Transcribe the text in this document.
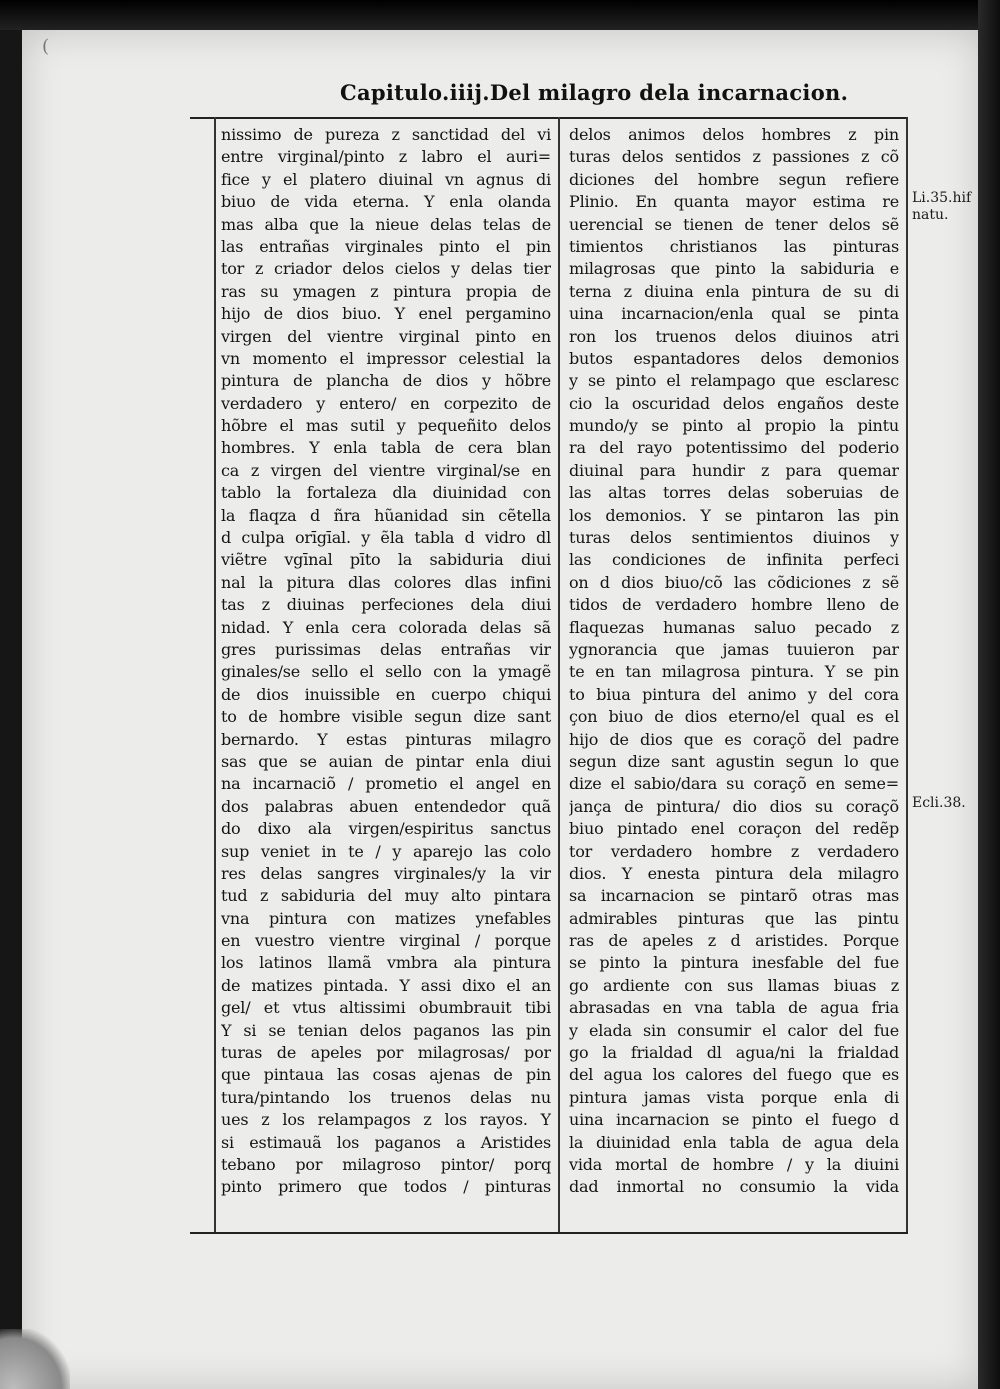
(
Capitulo.iiij.Del milagro dela incarnacion.
nissimo de pureza z sanctidad del vi
entre virginal/pinto z labro el auri=
fice y el platero diuinal vn agnus di
biuo de vida eterna. Y enla olanda
mas alba que la nieue delas telas de
las entrañas virginales pinto el pin
tor z criador delos cielos y delas tier
ras su ymagen z pintura propia de
hijo de dios biuo. Y enel pergamino
virgen del vientre virginal pinto en
vn momento el impressor celestial la
pintura de plancha de dios y hõbre
verdadero y entero/ en corpezito de
hõbre el mas sutil y pequeñito delos
hombres. Y enla tabla de cera blan
ca z virgen del vientre virginal/se en
tablo la fortaleza dla diuinidad con
la flaqza d ñra hũanidad sin cẽtella
d culpa orīgīal. y ẽla tabla d vidro dl
viẽtre vgīnal pīto la sabiduria diui
nal la pitura dlas colores dlas infini
tas z diuinas perfeciones dela diui
nidad. Y enla cera colorada delas sã
gres purissimas delas entrañas vir
ginales/se sello el sello con la ymagẽ
de dios inuissible en cuerpo chiqui
to de hombre visible segun dize sant
bernardo. Y estas pinturas milagro
sas que se auian de pintar enla diui
na incarnaciõ / prometio el angel en
dos palabras abuen entendedor quã
do dixo ala virgen/espiritus sanctus
sup veniet in te / y aparejo las colo
res delas sangres virginales/y la vir
tud z sabiduria del muy alto pintara
vna pintura con matizes ynefables
en vuestro vientre virginal / porque
los latinos llamã vmbra ala pintura
de matizes pintada. Y assi dixo el an
gel/ et vtus altissimi obumbrauit tibi
Y si se tenian delos paganos las pin
turas de apeles por milagrosas/ por
que pintaua las cosas ajenas de pin
tura/pintando los truenos delas nu
ues z los relampagos z los rayos. Y
si estimauã los paganos a Aristides
tebano por milagroso pintor/ porq
pinto primero que todos / pinturas
delos animos delos hombres z pin
turas delos sentidos z passiones z cõ
diciones del hombre segun refiere
Plinio. En quanta mayor estima re
uerencial se tienen de tener delos sẽ
timientos christianos las pinturas
milagrosas que pinto la sabiduria e
terna z diuina enla pintura de su di
uina incarnacion/enla qual se pinta
ron los truenos delos diuinos atri
butos espantadores delos demonios
y se pinto el relampago que esclaresc
cio la oscuridad delos engaños deste
mundo/y se pinto al propio la pintu
ra del rayo potentissimo del poderio
diuinal para hundir z para quemar
las altas torres delas soberuias de
los demonios. Y se pintaron las pin
turas delos sentimientos diuinos y
las condiciones de infinita perfeci
on d dios biuo/cõ las cõdiciones z sẽ
tidos de verdadero hombre lleno de
flaquezas humanas saluo pecado z
ygnorancia que jamas tuuieron par
te en tan milagrosa pintura. Y se pin
to biua pintura del animo y del cora
çon biuo de dios eterno/el qual es el
hijo de dios que es coraçõ del padre
segun dize sant agustin segun lo que
dize el sabio/dara su coraçõ en seme=
jança de pintura/ dio dios su coraçõ
biuo pintado enel coraçon del redẽp
tor verdadero hombre z verdadero
dios. Y enesta pintura dela milagro
sa incarnacion se pintarõ otras mas
admirables pinturas que las pintu
ras de apeles z d aristides. Porque
se pinto la pintura inesfable del fue
go ardiente con sus llamas biuas z
abrasadas en vna tabla de agua fria
y elada sin consumir el calor del fue
go la frialdad dl agua/ni la frialdad
del agua los calores del fuego que es
pintura jamas vista porque enla di
uina incarnacion se pinto el fuego d
la diuinidad enla tabla de agua dela
vida mortal de hombre / y la diuini
dad inmortal no consumio la vida
Li.35.hif
natu.
Ecli.38.
